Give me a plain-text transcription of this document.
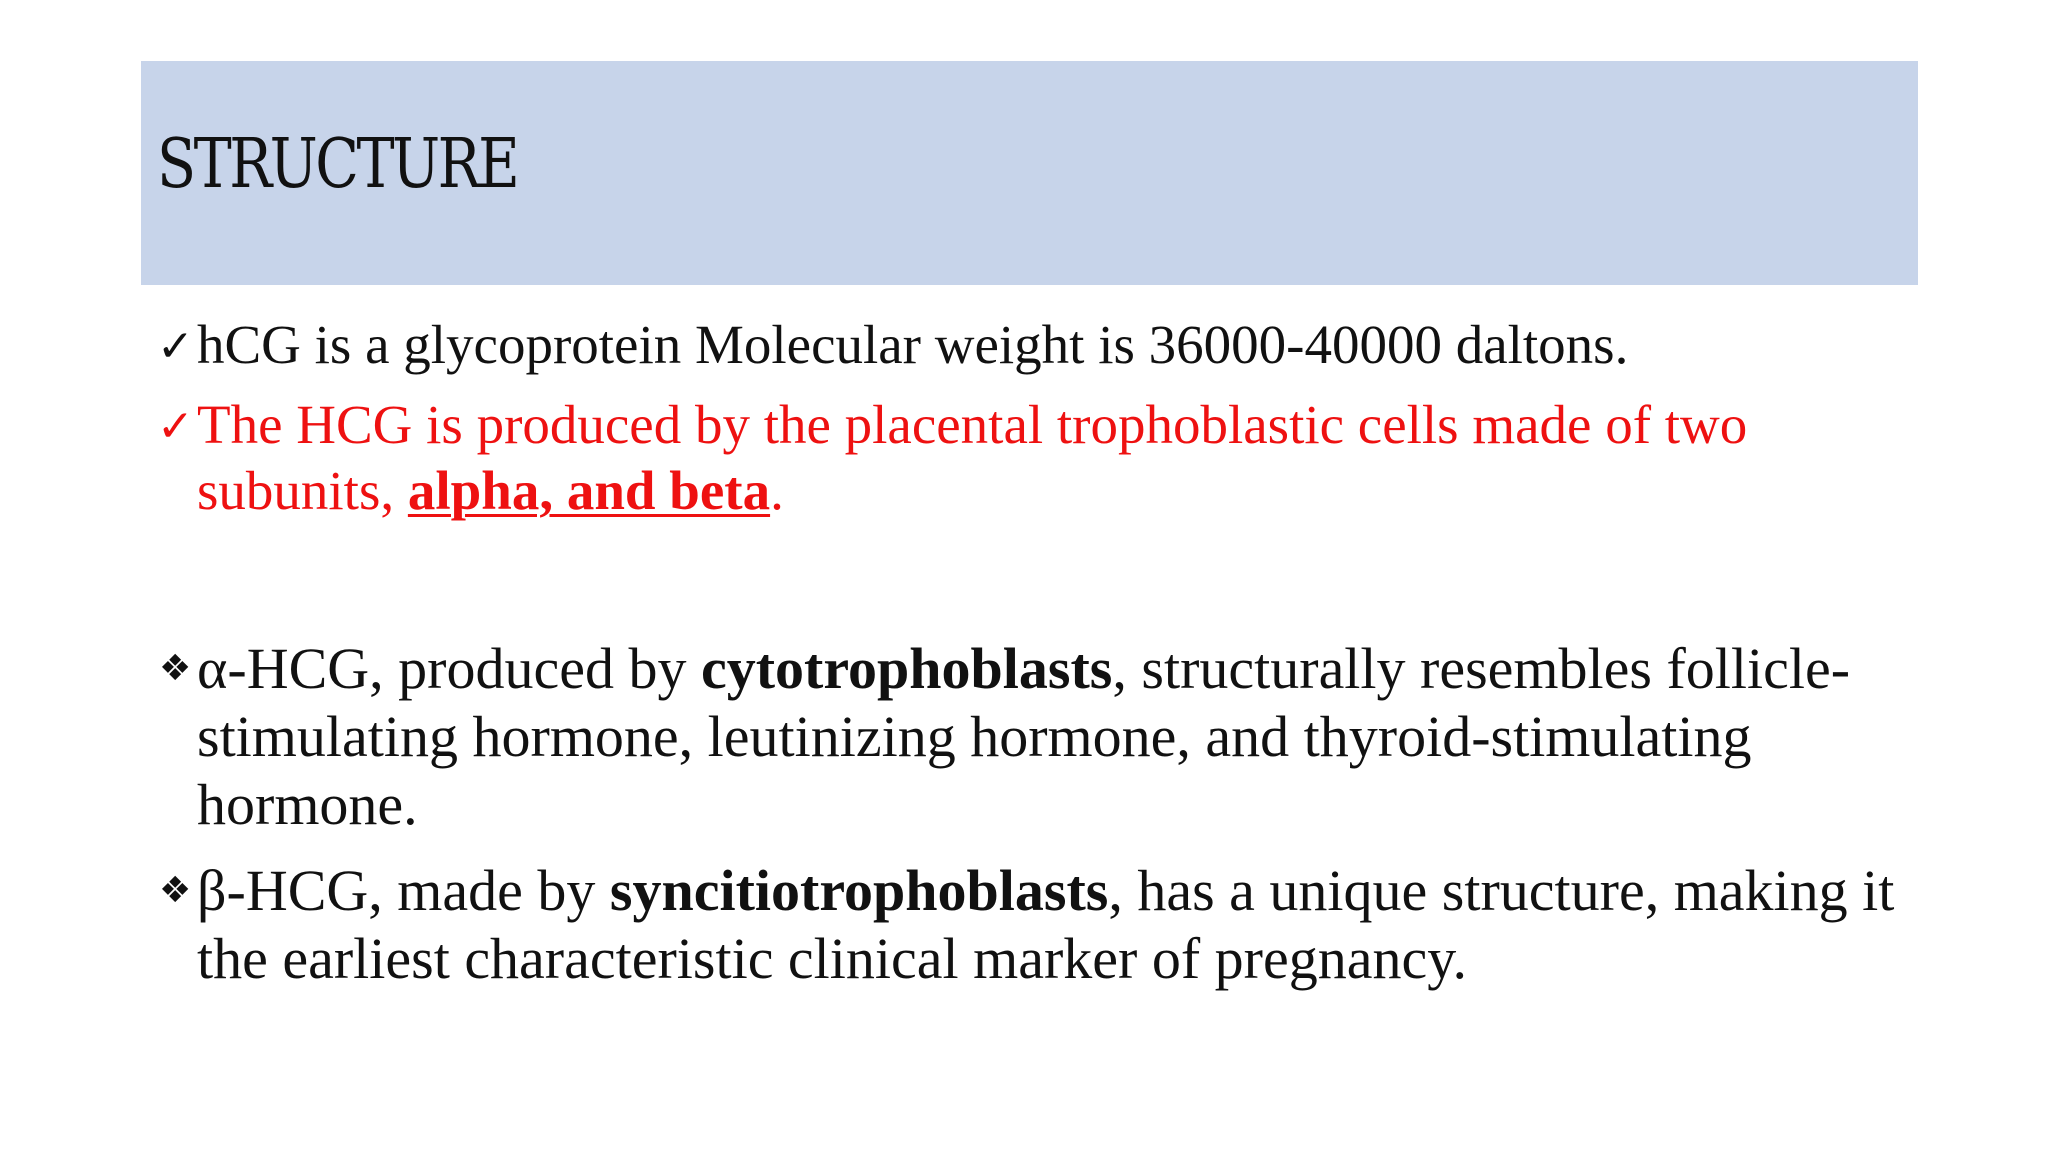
STRUCTURE

✓ hCG is a glycoprotein Molecular weight is 36000-40000 daltons.

✓ The HCG is produced by the placental trophoblastic cells made of two subunits, alpha, and beta.

❖ α-HCG, produced by cytotrophoblasts, structurally resembles follicle-stimulating hormone, leutinizing hormone, and thyroid-stimulating hormone.

❖ β-HCG, made by syncitiotrophoblasts, has a unique structure, making it the earliest characteristic clinical marker of pregnancy.
